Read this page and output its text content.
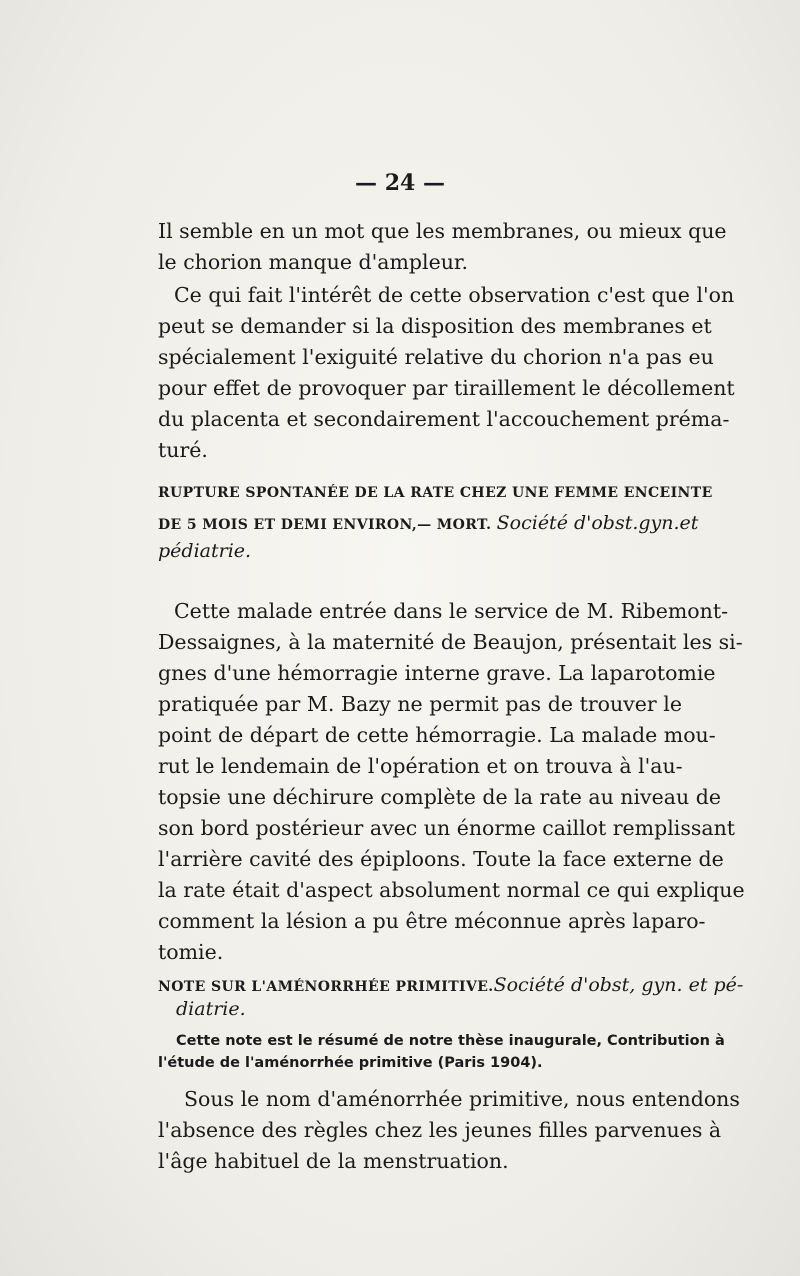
— 24 —
Il semble en un mot que les membranes, ou mieux que
le chorion manque d'ampleur.
Ce qui fait l'intérêt de cette observation c'est que l'on
peut se demander si la disposition des membranes et
spécialement l'exiguité relative du chorion n'a pas eu
pour effet de provoquer par tiraillement le décollement
du placenta et secondairement l'accouchement préma-
turé.
RUPTURE SPONTANÉE DE LA RATE CHEZ UNE FEMME ENCEINTE
DE 5 MOIS ET DEMI ENVIRON,— MORT. Société d'obst.gyn.et
pédiatrie.
Cette malade entrée dans le service de M. Ribemont-
Dessaignes, à la maternité de Beaujon, présentait les si-
gnes d'une hémorragie interne grave. La laparotomie
pratiquée par M. Bazy ne permit pas de trouver le
point de départ de cette hémorragie. La malade mou-
rut le lendemain de l'opération et on trouva à l'au-
topsie une déchirure complète de la rate au niveau de
son bord postérieur avec un énorme caillot remplissant
l'arrière cavité des épiploons. Toute la face externe de
la rate était d'aspect absolument normal ce qui explique
comment la lésion a pu être méconnue après laparo-
tomie.
NOTE SUR L'AMÉNORRHÉE PRIMITIVE.Société d'obst, gyn. et pé-
diatrie.
Cette note est le résumé de notre thèse inaugurale, Contribution à
l'étude de l'aménorrhée primitive (Paris 1904).
Sous le nom d'aménorrhée primitive, nous entendons
l'absence des règles chez les jeunes filles parvenues à
l'âge habituel de la menstruation.
